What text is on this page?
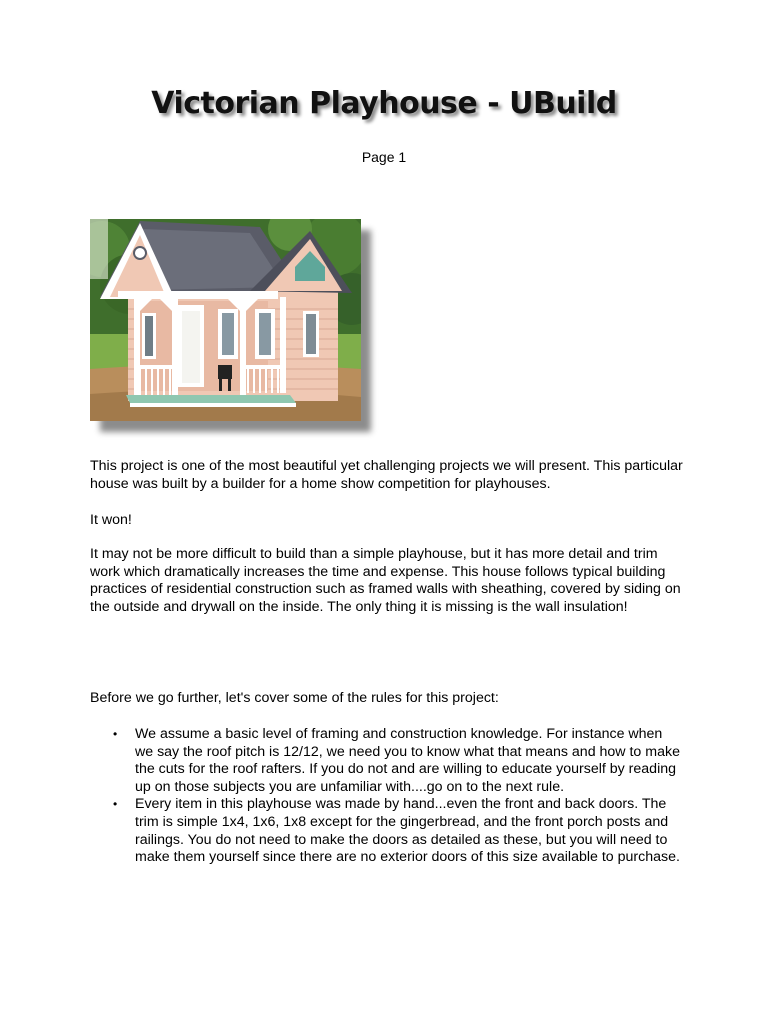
Victorian Playhouse - UBuild
Page 1

This project is one of the most beautiful yet challenging projects we will present. This particular house was built by a builder for a home show competition for playhouses.

It won!

It may not be more difficult to build than a simple playhouse, but it has more detail and trim work which dramatically increases the time and expense. This house follows typical building practices of residential construction such as framed walls with sheathing, covered by siding on the outside and drywall on the inside. The only thing it is missing is the wall insulation!

Before we go further, let's cover some of the rules for this project:

• We assume a basic level of framing and construction knowledge. For instance when we say the roof pitch is 12/12, we need you to know what that means and how to make the cuts for the roof rafters. If you do not and are willing to educate yourself by reading up on those subjects you are unfamiliar with....go on to the next rule.
• Every item in this playhouse was made by hand...even the front and back doors. The trim is simple 1x4, 1x6, 1x8 except for the gingerbread, and the front porch posts and railings. You do not need to make the doors as detailed as these, but you will need to make them yourself since there are no exterior doors of this size available to purchase.
